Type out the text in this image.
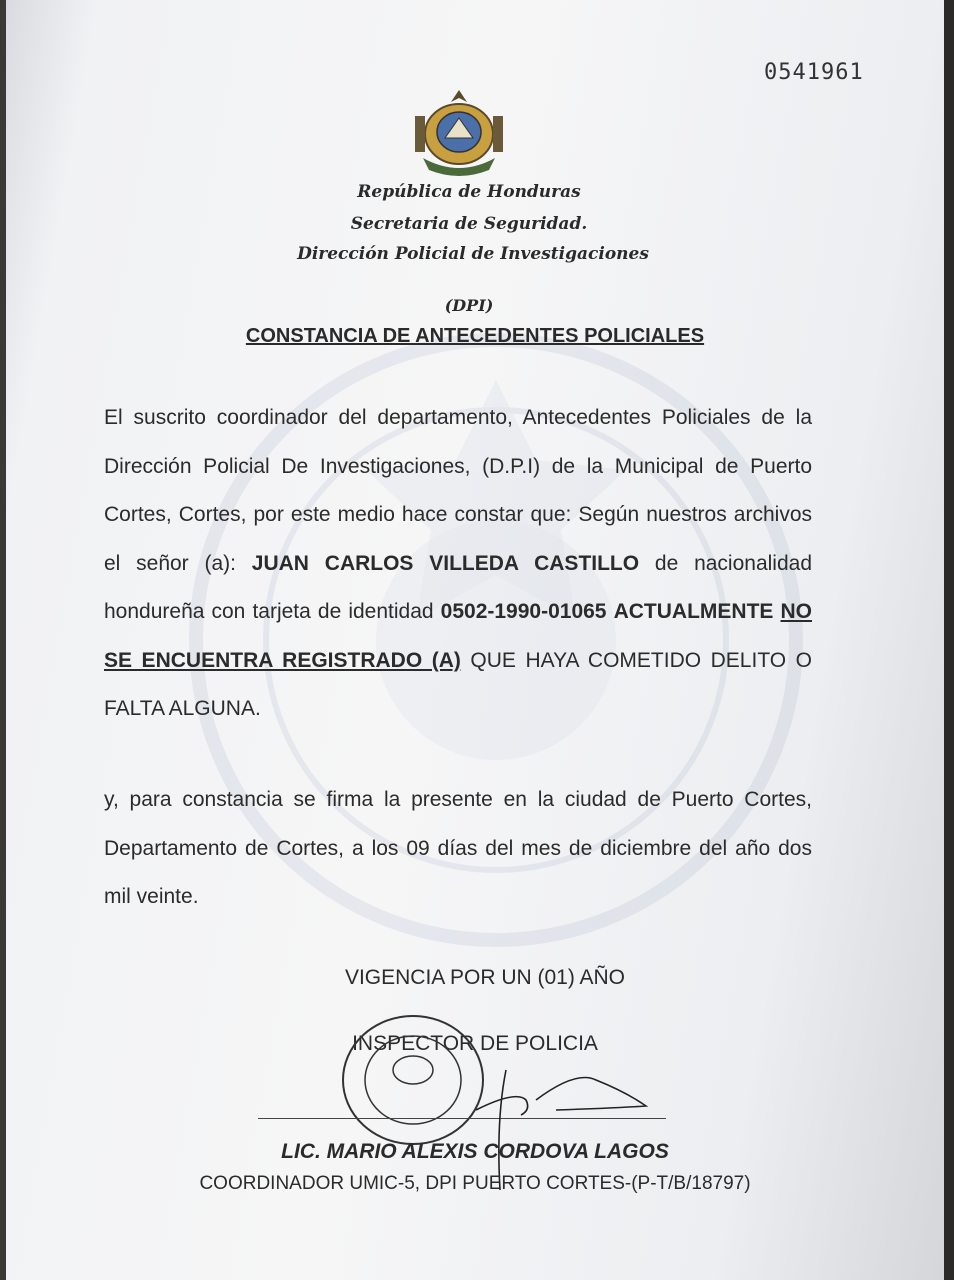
0541961
República de Honduras
Secretaria de Seguridad.
Dirección Policial de Investigaciones
(DPI)
CONSTANCIA DE ANTECEDENTES POLICIALES
El suscrito coordinador del departamento, Antecedentes Policiales de la Dirección Policial De Investigaciones, (D.P.I) de la Municipal de Puerto Cortes, Cortes, por este medio hace constar que: Según nuestros archivos el señor (a): JUAN CARLOS VILLEDA CASTILLO de nacionalidad hondureña con tarjeta de identidad 0502-1990-01065 ACTUALMENTE NO SE ENCUENTRA REGISTRADO (A) QUE HAYA COMETIDO DELITO O FALTA ALGUNA.
y, para constancia se firma la presente en la ciudad de Puerto Cortes, Departamento de Cortes, a los 09 días del mes de diciembre del año dos mil veinte.
VIGENCIA POR UN (01) AÑO
INSPECTOR DE POLICIA
LIC. MARIO ALEXIS CORDOVA LAGOS
COORDINADOR UMIC-5, DPI PUERTO CORTES-(P-T/B/18797)
